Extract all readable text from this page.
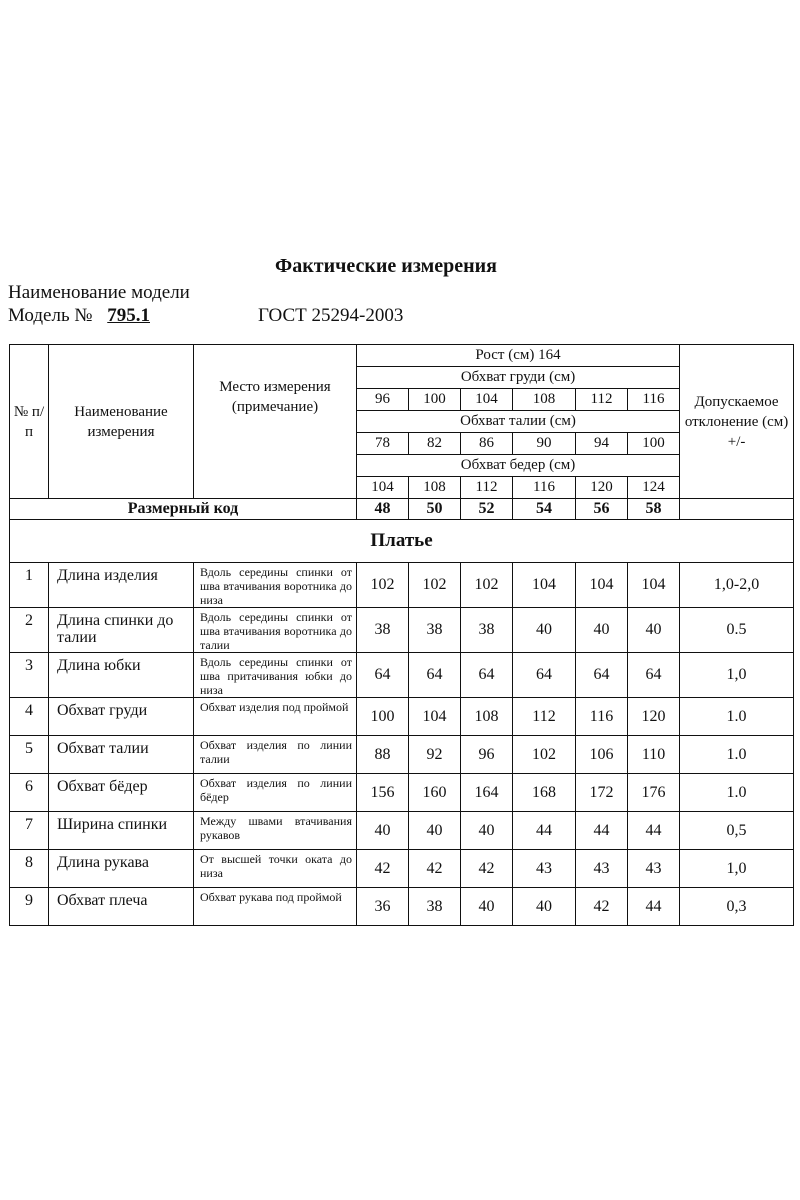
Фактические измерения
Наименование модели
Модель № 795.1	ГОСТ 25294-2003
№ п/п	Наименование измерения	Место измерения (примечание)	Рост (см) 164						Допускаемое отклонение (см) +/-
			Обхват груди (см)						
			96	100	104	108	112	116	
			Обхват талии (см)						
			78	82	86	90	94	100	
			Обхват бедер (см)						
			104	108	112	116	120	124	
Размерный код			48	50	52	54	56	58	
Платье									
1	Длина изделия	Вдоль середины спинки от шва втачивания воротника до низа	102	102	102	104	104	104	1,0-2,0
2	Длина спинки до талии	Вдоль середины спинки от шва втачивания воротника до талии	38	38	38	40	40	40	0.5
3	Длина юбки	Вдоль середины спинки от шва притачивания юбки до низа	64	64	64	64	64	64	1,0
4	Обхват груди	Обхват изделия под проймой	100	104	108	112	116	120	1.0
5	Обхват талии	Обхват изделия по линии талии	88	92	96	102	106	110	1.0
6	Обхват бёдер	Обхват изделия по линии бёдер	156	160	164	168	172	176	1.0
7	Ширина спинки	Между швами втачивания рукавов	40	40	40	44	44	44	0,5
8	Длина рукава	От высшей точки оката до низа	42	42	42	43	43	43	1,0
9	Обхват плеча	Обхват рукава под проймой	36	38	40	40	42	44	0,3
